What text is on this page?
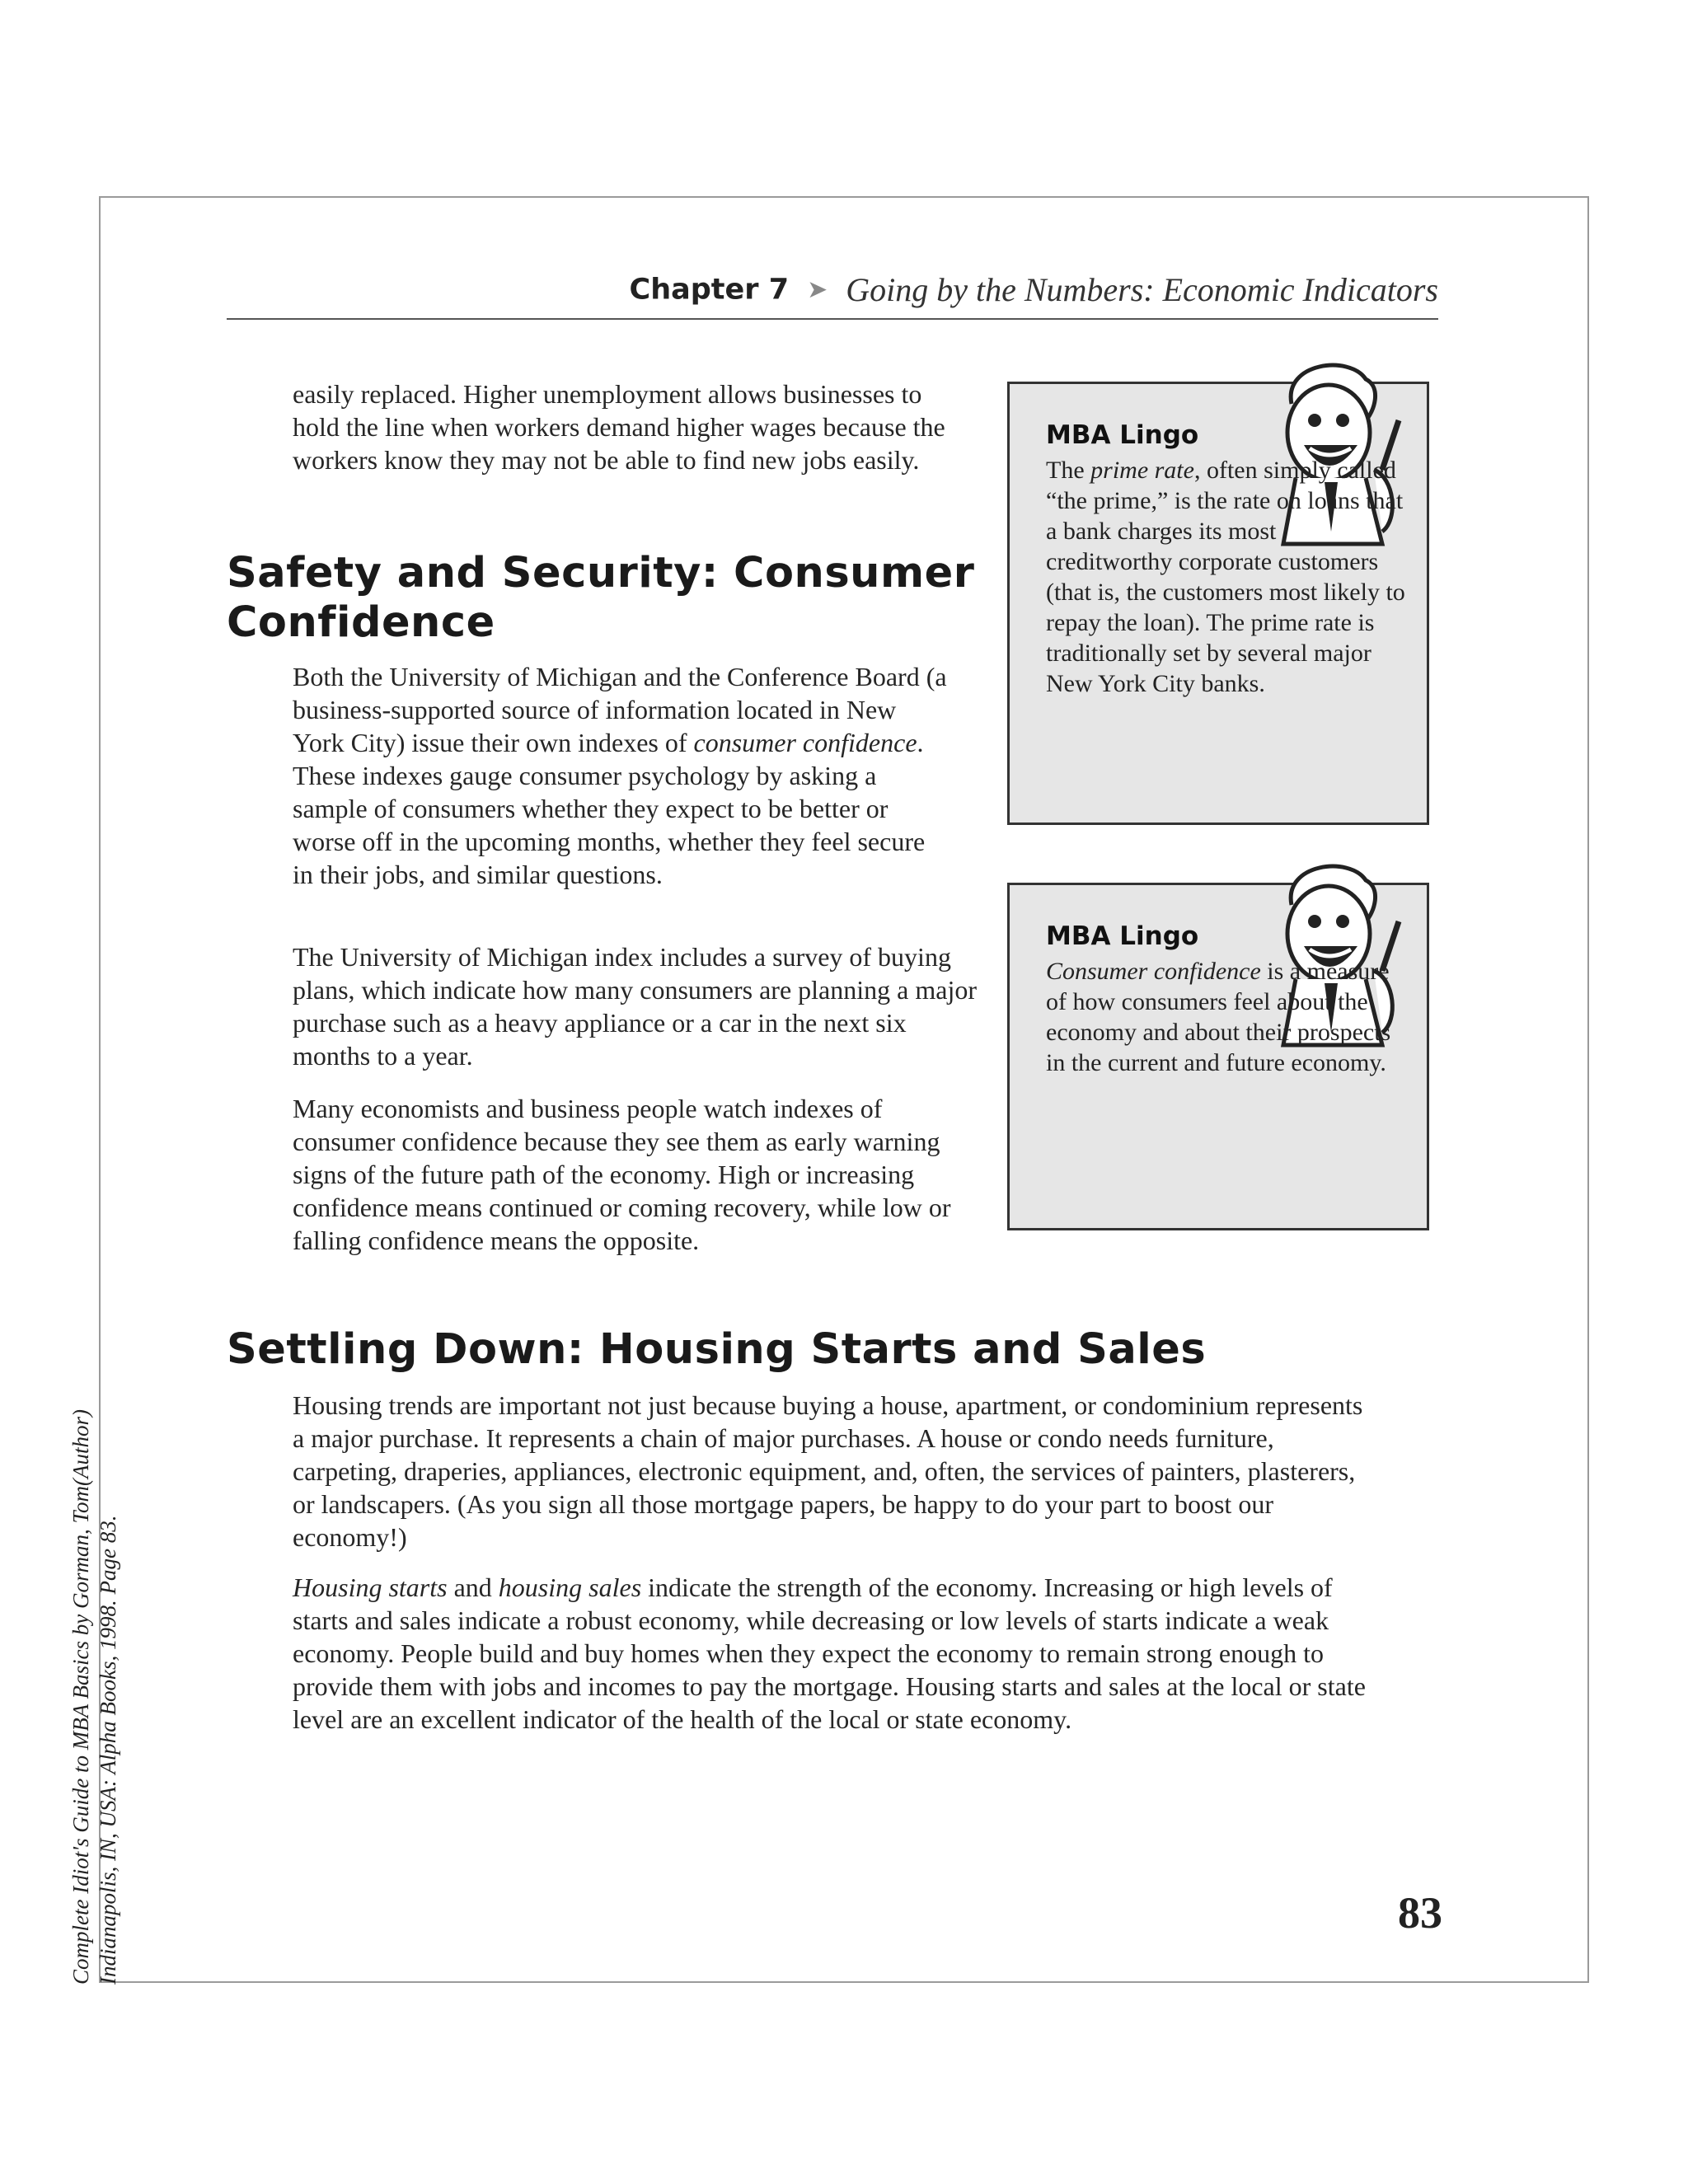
Chapter 7 ➤ Going by the Numbers: Economic Indicators

easily replaced. Higher unemployment allows businesses to hold the line when workers demand higher wages because the workers know they may not be able to find new jobs easily.

Safety and Security: Consumer
Confidence

Both the University of Michigan and the Conference Board (a business-supported source of information located in New York City) issue their own indexes of consumer confidence. These indexes gauge consumer psychology by asking a sample of consumers whether they expect to be better or worse off in the upcoming months, whether they feel secure in their jobs, and similar questions.

The University of Michigan index includes a survey of buying plans, which indicate how many consumers are planning a major purchase such as a heavy appliance or a car in the next six months to a year.

Many economists and business people watch indexes of consumer confidence because they see them as early warning signs of the future path of the economy. High or increasing confidence means continued or coming recovery, while low or falling confidence means the opposite.

MBA Lingo

The prime rate, often simply called “the prime,” is the rate on loans that a bank charges its most creditworthy corporate customers (that is, the customers most likely to repay the loan). The prime rate is traditionally set by several major New York City banks.

MBA Lingo

Consumer confidence is a measure of how consumers feel about the economy and about their prospects in the current and future economy.

Settling Down: Housing Starts and Sales

Housing trends are important not just because buying a house, apartment, or condominium represents a major purchase. It represents a chain of major purchases. A house or condo needs furniture, carpeting, draperies, appliances, electronic equipment, and, often, the services of painters, plasterers, or landscapers. (As you sign all those mortgage papers, be happy to do your part to boost our economy!)

Housing starts and housing sales indicate the strength of the economy. Increasing or high levels of starts and sales indicate a robust economy, while decreasing or low levels of starts indicate a weak economy. People build and buy homes when they expect the economy to remain strong enough to provide them with jobs and incomes to pay the mortgage. Housing starts and sales at the local or state level are an excellent indicator of the health of the local or state economy.

83
Complete Idiot's Guide to MBA Basics by Gorman, Tom(Author) Indianapolis, IN, USA: Alpha Books, 1998. Page 83.
